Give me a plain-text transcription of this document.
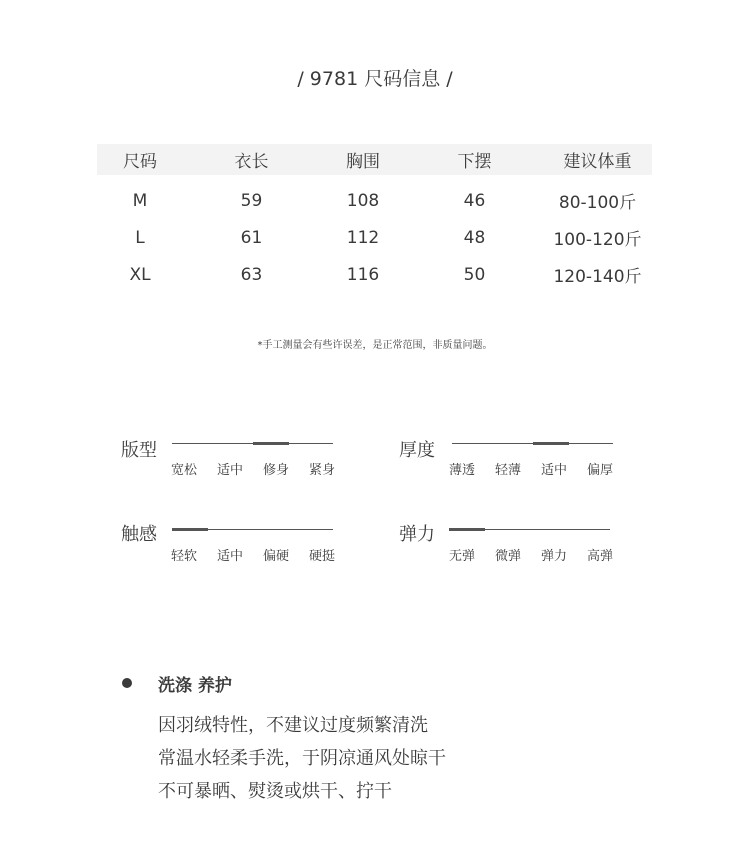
/ 9781 尺码信息 /
尺码	衣长	胸围	下摆	建议体重
M	59	108	46	80-100斤
L	61	112	48	100-120斤
XL	63	116	50	120-140斤
*手工测量会有些许误差，是正常范围，非质量问题。
版型
宽松	适中	修身	紧身
厚度
薄透	轻薄	适中	偏厚
触感
轻软	适中	偏硬	硬挺
弹力
无弹	微弹	弹力	高弹
洗涤 养护
因羽绒特性，不建议过度频繁清洗
常温水轻柔手洗，于阴凉通风处晾干
不可暴晒、熨烫或烘干、拧干
